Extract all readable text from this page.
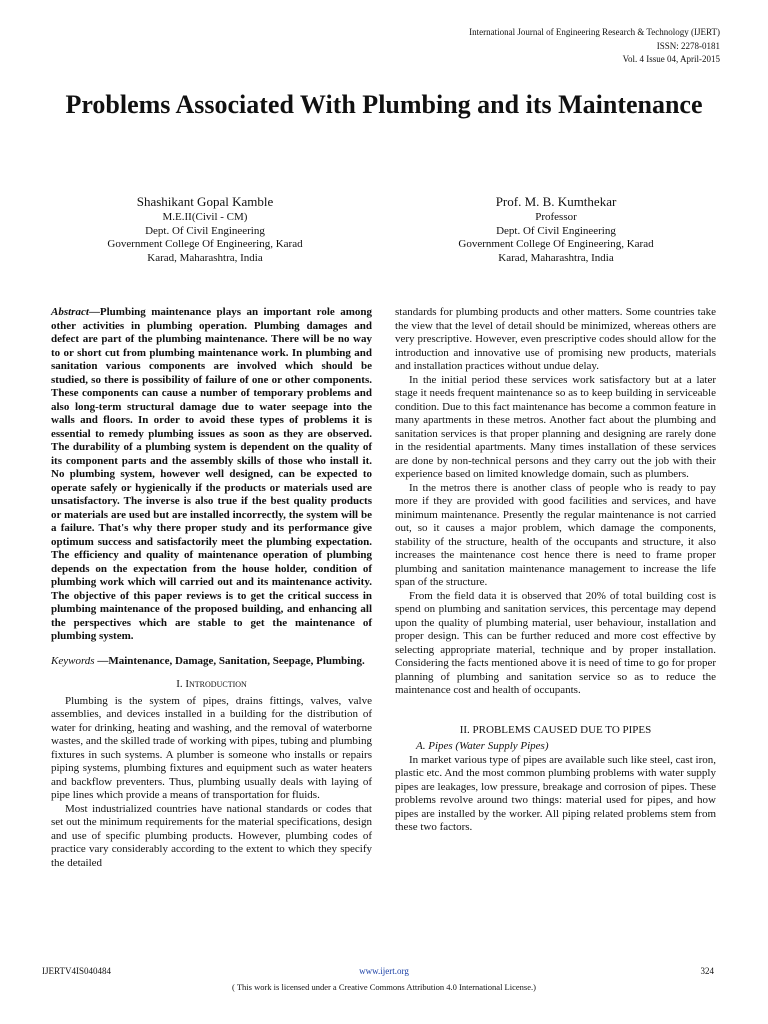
International Journal of Engineering Research & Technology (IJERT)
ISSN: 2278-0181
Vol. 4 Issue 04, April-2015
Problems Associated With Plumbing and its Maintenance
Shashikant Gopal Kamble
M.E.II(Civil - CM)
Dept. Of Civil Engineering
Government College Of Engineering, Karad
Karad, Maharashtra, India
Prof. M. B. Kumthekar
Professor
Dept. Of Civil Engineering
Government College Of Engineering, Karad
Karad, Maharashtra, India
Abstract—Plumbing maintenance plays an important role among other activities in plumbing operation. Plumbing damages and defect are part of the plumbing maintenance. There will be no way to or short cut from plumbing maintenance work. In plumbing and sanitation various components are involved which should be studied, so there is possibility of failure of one or other components. These components can cause a number of temporary problems and also long-term structural damage due to water seepage into the walls and floors. In order to avoid these types of problems it is essential to remedy plumbing issues as soon as they are observed. The durability of a plumbing system is dependent on the quality of its component parts and the assembly skills of those who install it. No plumbing system, however well designed, can be expected to operate safely or hygienically if the products or materials used are unsatisfactory. The inverse is also true if the best quality products or materials are used but are installed incorrectly, the system will be a failure. That's why there proper study and its performance give optimum success and satisfactorily meet the plumbing expectation. The efficiency and quality of maintenance operation of plumbing depends on the expectation from the house holder, condition of plumbing work which will carried out and its maintenance activity. The objective of this paper reviews is to get the critical success in plumbing maintenance of the proposed building, and enhancing all the perspectives which are stable to get the maintenance of plumbing system.
Keywords —Maintenance, Damage, Sanitation, Seepage, Plumbing.
I. Introduction

Plumbing is the system of pipes, drains fittings, valves, valve assemblies, and devices installed in a building for the distribution of water for drinking, heating and washing, and the removal of waterborne wastes, and the skilled trade of working with pipes, tubing and plumbing fixtures in such systems. A plumber is someone who installs or repairs piping systems, plumbing fixtures and equipment such as water heaters and backflow preventers. Thus, plumbing usually deals with laying of pipe lines which provide a means of transportation for fluids.

Most industrialized countries have national standards or codes that set out the minimum requirements for the material specifications, design and use of specific plumbing products. However, plumbing codes of practice vary considerably according to the extent to which they specify the detailed

standards for plumbing products and other matters. Some countries take the view that the level of detail should be minimized, whereas others are very prescriptive. However, even prescriptive codes should allow for the introduction and innovative use of promising new products, materials and installation practices without undue delay.

In the initial period these services work satisfactory but at a later stage it needs frequent maintenance so as to keep building in serviceable condition. Due to this fact maintenance has become a common feature in many apartments in these metros. Another fact about the plumbing and sanitation services is that proper planning and designing are rarely done in the residential apartments. Many times installation of these services are done by non-technical persons and they carry out the job with their experience based on limited knowledge domain, such as plumbers.

In the metros there is another class of people who is ready to pay more if they are provided with good facilities and services, and have minimum maintenance. Presently the regular maintenance is not carried out, so it causes a major problem, which damage the components, stability of the structure, health of the occupants and structure, it also increases the maintenance cost hence there is need to frame proper plumbing and sanitation maintenance management to increase the life span of the structure.

From the field data it is observed that 20% of total building cost is spend on plumbing and sanitation services, this percentage may depend upon the quality of plumbing material, user behaviour, installation and proper design. This can be further reduced and more cost effective by selecting appropriate material, technique and by proper installation. Considering the facts mentioned above it is need of time to go for proper planning of plumbing and sanitation service so as to reduce the maintenance cost and health of occupants.

II. PROBLEMS CAUSED DUE TO PIPES
A. Pipes (Water Supply Pipes)

In market various type of pipes are available such like steel, cast iron, plastic etc. And the most common plumbing problems with water supply pipes are leakages, low pressure, breakage and corrosion of pipes. These problems revolve around two things: material used for pipes, and how pipes are installed by the worker. All piping related problems stem from these two factors.

IJERTV4IS040484	www.ijert.org	324
( This work is licensed under a Creative Commons Attribution 4.0 International License.)
